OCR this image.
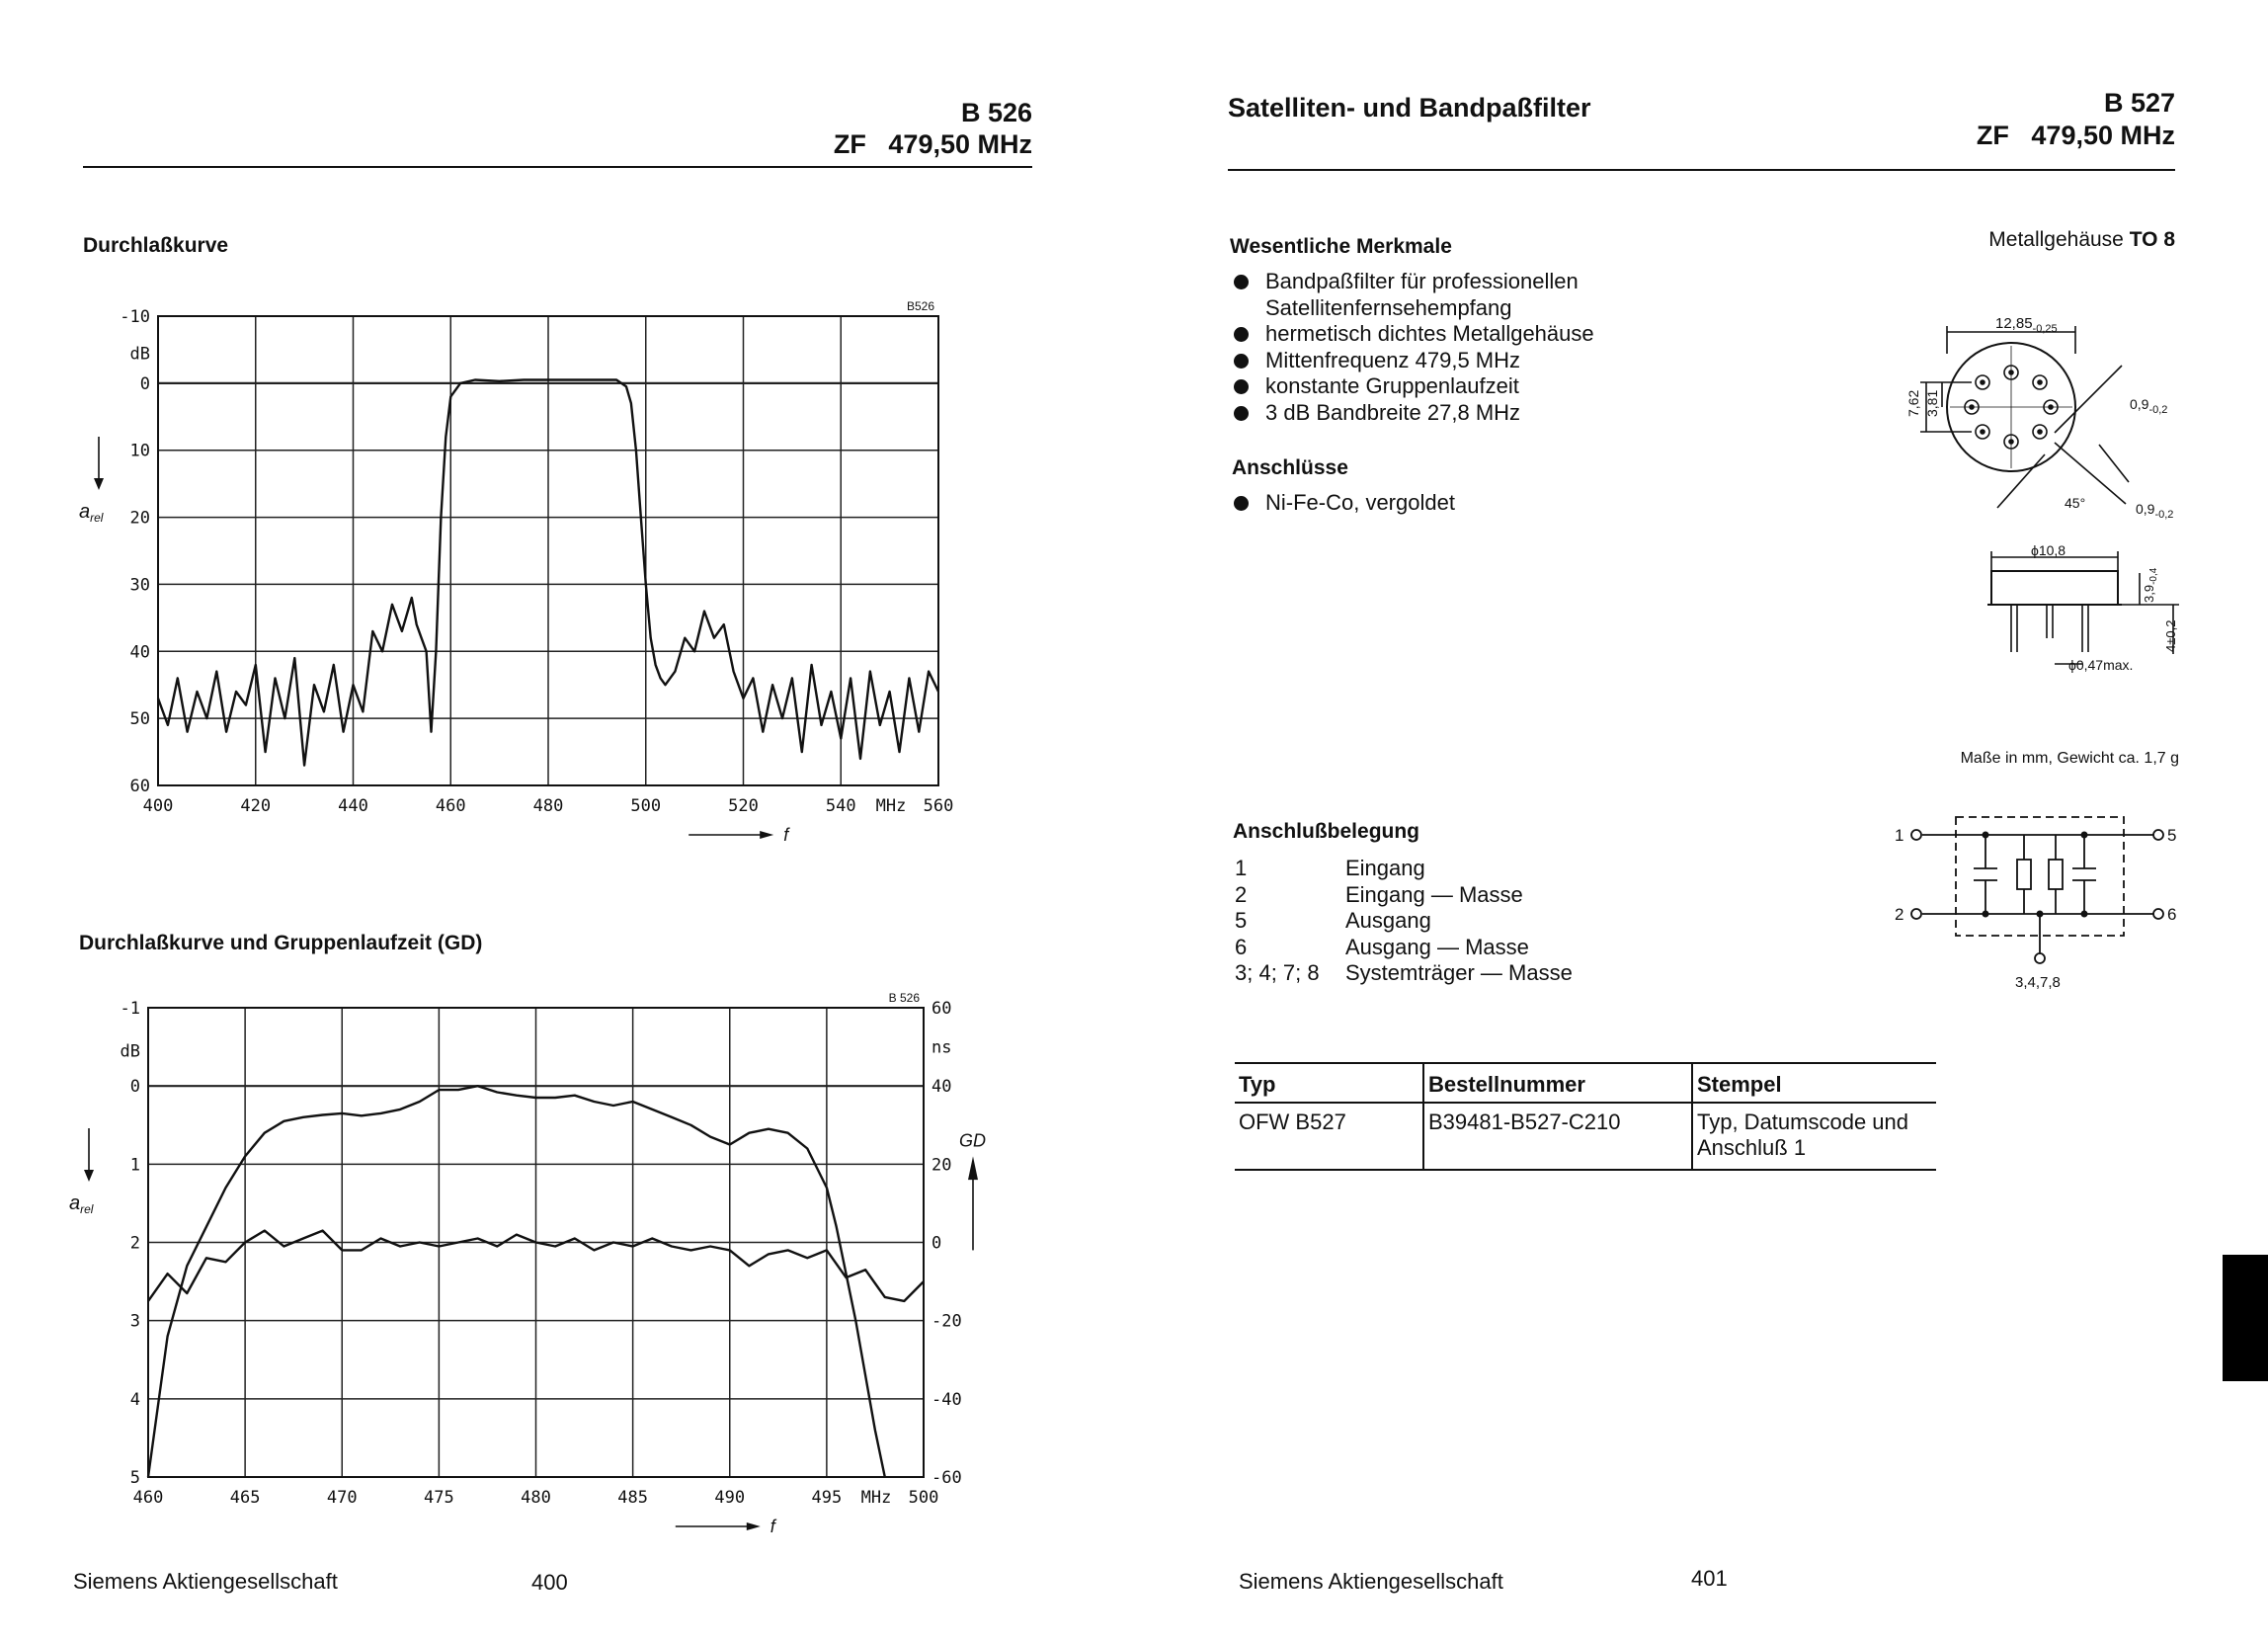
B 526
ZF   479,50 MHz
Durchlaßkurve
400	420	440	460	480	500	520	540	560
MHz
-10
0
10
20
30
40
50
60
dB
$a_{rel}$
f
B526
Durchlaßkurve und Gruppenlaufzeit (GD)
460	465	470	475	480	485	490	495	500
MHz
-1
0
1
2
3
4
5
dB
$a_{rel}$
f
B 526
60
40
20
0
-20
-40
-60
ns
GD
Siemens Aktiengesellschaft	400
Satelliten- und Bandpaßfilter	B 527
ZF   479,50 MHz
Wesentliche Merkmale
Bandpaßfilter für professionellen Satellitenfernsehempfang
hermetisch dichtes Metallgehäuse
Mittenfrequenz 479,5 MHz
konstante Gruppenlaufzeit
3 dB Bandbreite 27,8 MHz
Anschlüsse
Ni-Fe-Co, vergoldet
Metallgehäuse TO 8
$12,85_{-0,25}$
7,62 3,81	$0,9_{-0,2}$
$0,9_{-0,2}$
45°
ϕ10,8
$3,9_{-0,4}$
4±0,2
ϕ0,47max.
Maße in mm, Gewicht ca. 1,7 g
Anschlußbelegung
1	Eingang
2	Eingang — Masse
5	Ausgang
6	Ausgang — Masse
3; 4; 7; 8	Systemträger — Masse
1
2
5
6
3,4,7,8
Typ	Bestellnummer	Stempel
OFW B527	B39481-B527-C210	Typ, Datumscode und Anschluß 1
Siemens Aktiengesellschaft	401
